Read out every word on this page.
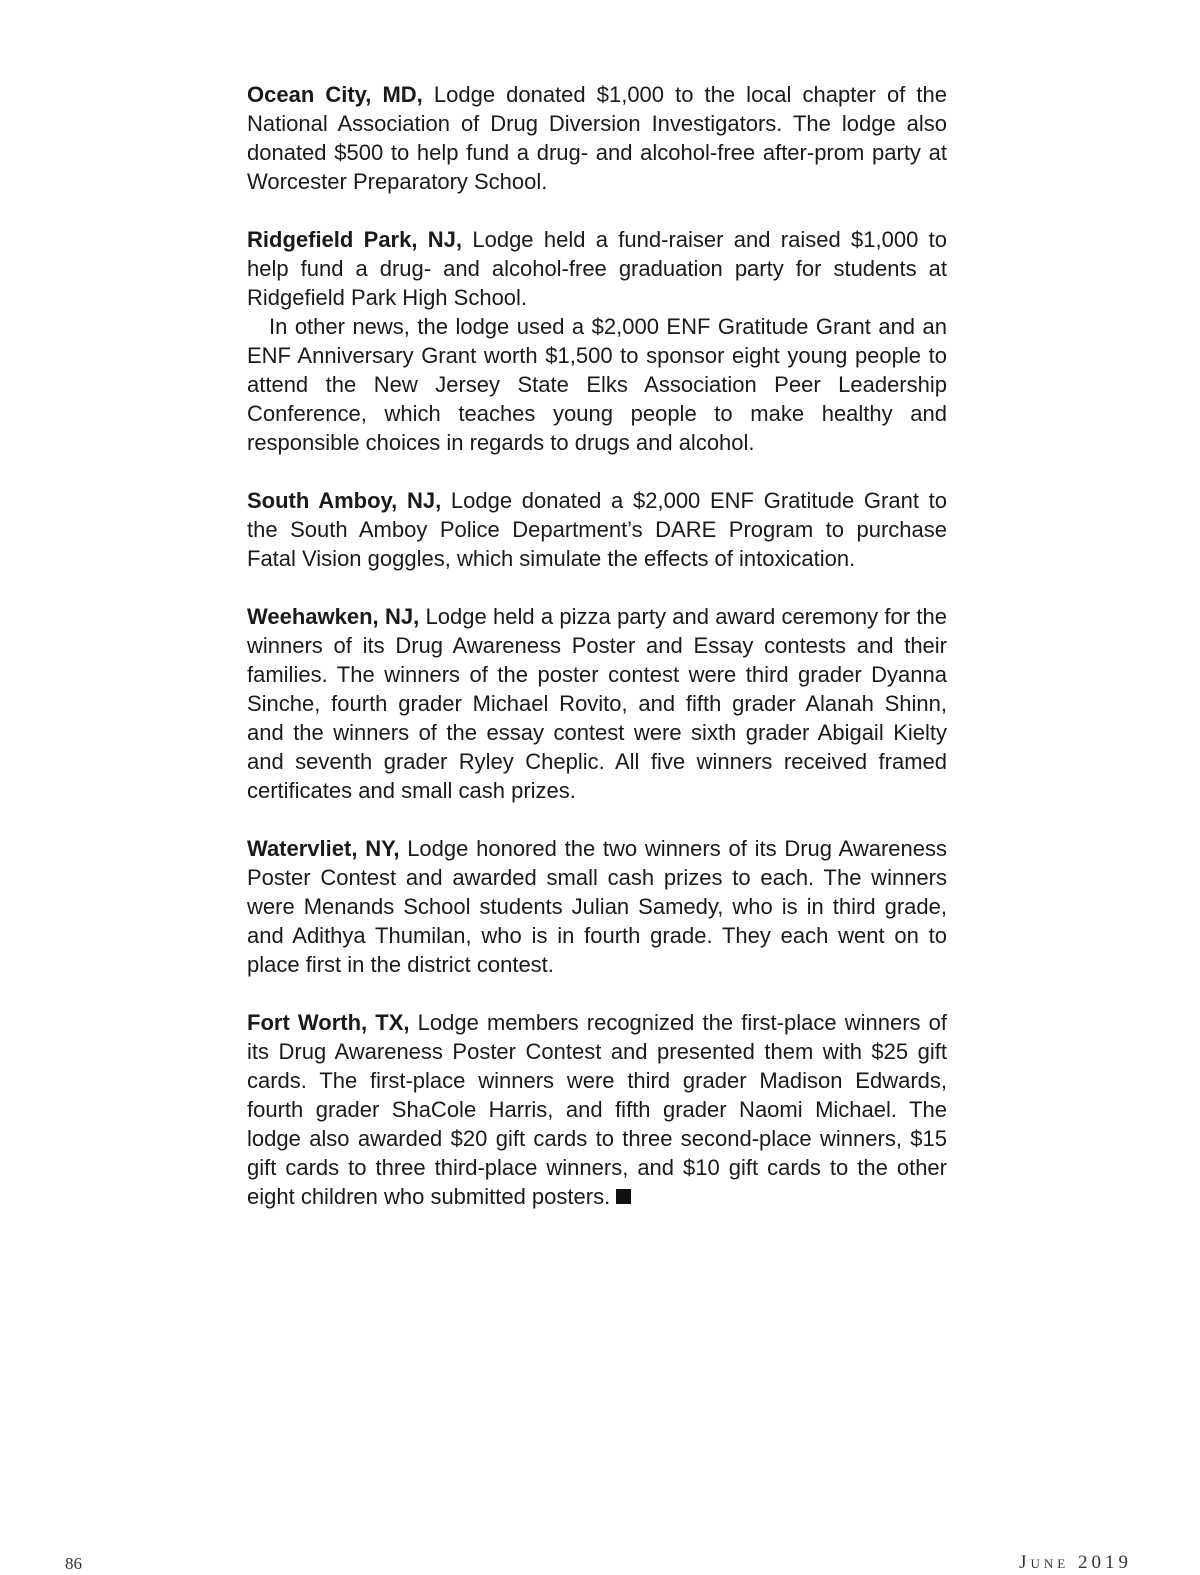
Ocean City, MD, Lodge donated $1,000 to the local chapter of the National Association of Drug Diversion Investigators. The lodge also donated $500 to help fund a drug- and alcohol-free after-prom party at Worcester Preparatory School.

Ridgefield Park, NJ, Lodge held a fund-raiser and raised $1,000 to help fund a drug- and alcohol-free graduation party for students at Ridgefield Park High School.

In other news, the lodge used a $2,000 ENF Gratitude Grant and an ENF Anniversary Grant worth $1,500 to sponsor eight young people to attend the New Jersey State Elks Association Peer Leadership Conference, which teaches young people to make healthy and responsible choices in regards to drugs and alcohol.

South Amboy, NJ, Lodge donated a $2,000 ENF Gratitude Grant to the South Amboy Police Department’s DARE Program to purchase Fatal Vision goggles, which simulate the effects of intoxication.

Weehawken, NJ, Lodge held a pizza party and award ceremony for the winners of its Drug Awareness Poster and Essay contests and their families. The winners of the poster contest were third grader Dyanna Sinche, fourth grader Michael Rovito, and fifth grader Alanah Shinn, and the winners of the essay contest were sixth grader Abigail Kielty and seventh grader Ryley Cheplic. All five winners received framed certificates and small cash prizes.

Watervliet, NY, Lodge honored the two winners of its Drug Awareness Poster Contest and awarded small cash prizes to each. The winners were Menands School students Julian Samedy, who is in third grade, and Adithya Thumilan, who is in fourth grade. They each went on to place first in the district contest.

Fort Worth, TX, Lodge members recognized the first-place winners of its Drug Awareness Poster Contest and presented them with $25 gift cards. The first-place winners were third grader Madison Edwards, fourth grader ShaCole Harris, and fifth grader Naomi Michael. The lodge also awarded $20 gift cards to three second-place winners, $15 gift cards to three third-place winners, and $10 gift cards to the other eight children who submitted posters.

86	June 2019
